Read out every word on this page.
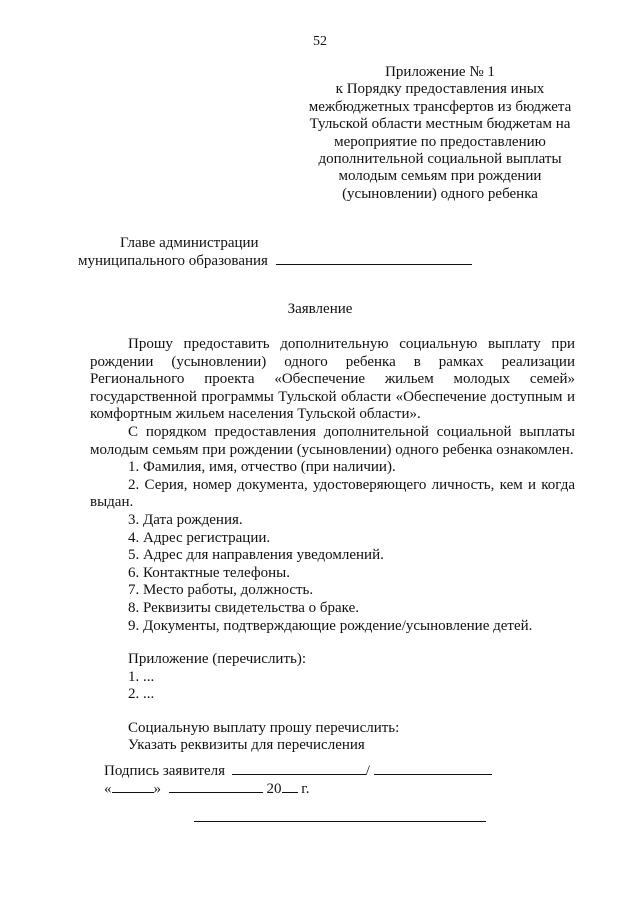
52
Приложение № 1
к Порядку предоставления иных
межбюджетных трансфертов из бюджета
Тульской области местным бюджетам на
мероприятие по предоставлению
дополнительной социальной выплаты
молодым семьям при рождении
(усыновлении) одного ребенка
Главе администрации
муниципального образования
Заявление

Прошу предоставить дополнительную социальную выплату при рождении (усыновлении) одного ребенка в рамках реализации Регионального проекта «Обеспечение жильем молодых семей» государственной программы Тульской области «Обеспечение доступным и комфортным жильем населения Тульской области».

С порядком предоставления дополнительной социальной выплаты молодым семьям при рождении (усыновлении) одного ребенка ознакомлен.

1. Фамилия, имя, отчество (при наличии).
2. Серия, номер документа, удостоверяющего личность, кем и когда выдан.
3. Дата рождения.
4. Адрес регистрации.
5. Адрес для направления уведомлений.
6. Контактные телефоны.
7. Место работы, должность.
8. Реквизиты свидетельства о браке.
9. Документы, подтверждающие рождение/усыновление детей.
Приложение (перечислить):
1. ...
2. ...
Социальную выплату прошу перечислить:
Указать реквизиты для перечисления
Подпись заявителя	/
«	»	20 г.
